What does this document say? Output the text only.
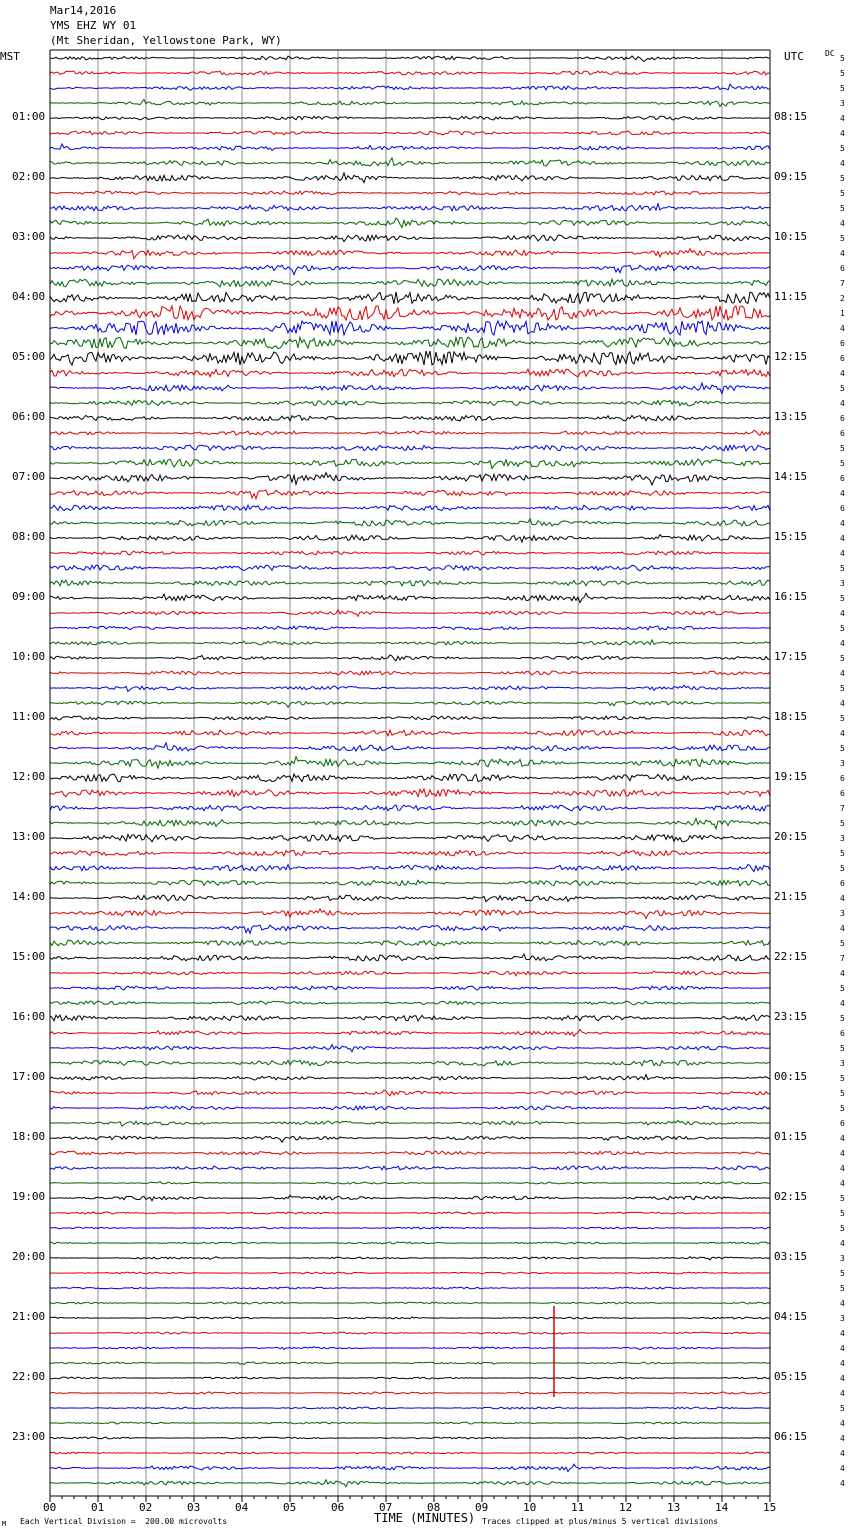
Mar14,2016
YMS EHZ WY 01
(Mt Sheridan, Yellowstone Park, WY)
MST	UTC	DC
01:00
02:00
03:00
04:00
05:00
06:00
07:00
08:00
09:00
10:00
11:00
12:00
13:00
14:00
15:00
16:00
17:00
18:00
19:00
20:00
21:00
22:00
23:00
08:15
09:15
10:15
11:15
12:15
13:15
14:15
15:15
16:15
17:15
18:15
19:15
20:15
21:15
22:15
23:15
00:15
01:15
02:15
03:15
04:15
05:15
06:15
5
5
5
3
4
4
5
4
5
5
5
4
5
4
6
7
2
1
4
6
6
4
5
4
6
6
5
5
6
4
6
4
4
4
5
3
5
4
5
4
5
4
5
4
5
4
5
3
6
6
7
5
3
5
5
6
4
3
4
5
7
4
5
4
5
6
5
3
5
5
5
6
4
4
4
4
5
5
5
4
3
5
5
4
3
4
4
4
4
4
5
4
4
4
4
4
00	01	02	03	04	05	06	07	08	09	10	11	12	13	14	15
M Each Vertical Division =  200.00 microvolts	TIME (MINUTES) Traces clipped at plus/minus 5 vertical divisions
